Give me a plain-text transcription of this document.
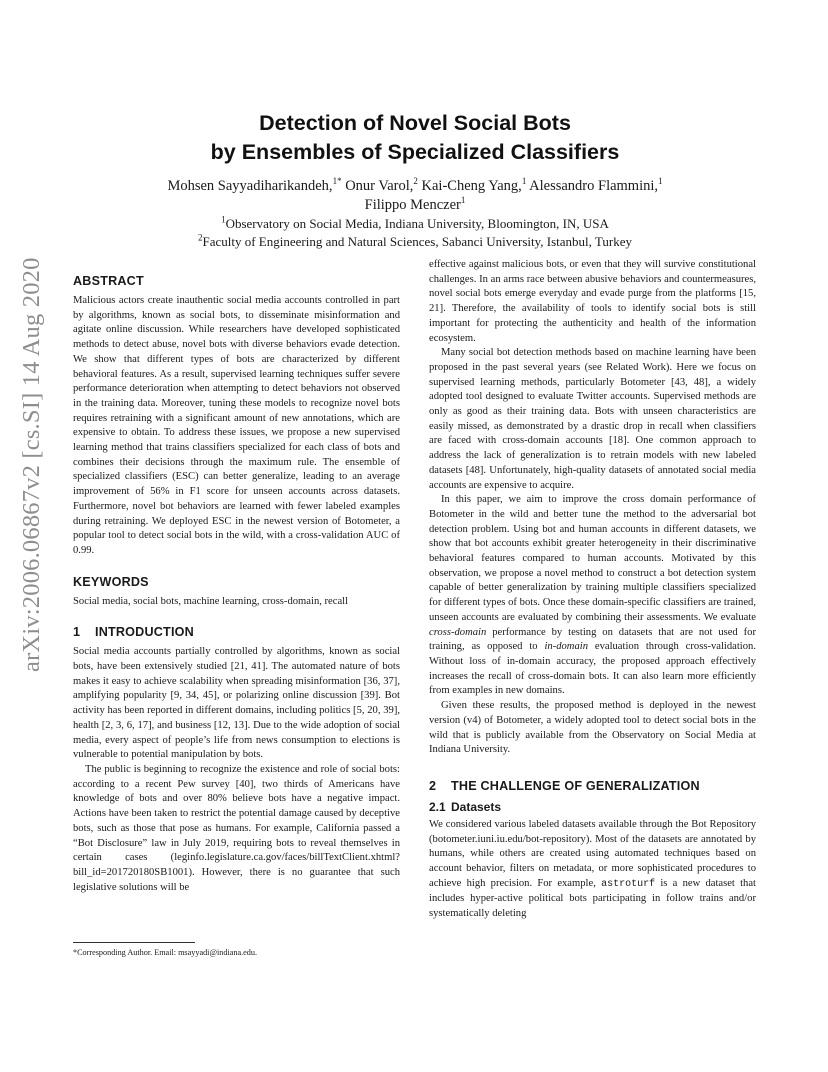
arXiv:2006.06867v2 [cs.SI] 14 Aug 2020
Detection of Novel Social Bots
by Ensembles of Specialized Classifiers
Mohsen Sayyadiharikandeh,$^{1*}$ Onur Varol,$^2$ Kai-Cheng Yang,$^1$ Alessandro Flammini,$^1$
Filippo Menczer$^1$
$^1$Observatory on Social Media, Indiana University, Bloomington, IN, USA
$^2$Faculty of Engineering and Natural Sciences, Sabanci University, Istanbul, Turkey
ABSTRACT

Malicious actors create inauthentic social media accounts controlled in part by algorithms, known as social bots, to disseminate misinformation and agitate online discussion. While researchers have developed sophisticated methods to detect abuse, novel bots with diverse behaviors evade detection. We show that different types of bots are characterized by different behavioral features. As a result, supervised learning techniques suffer severe performance deterioration when attempting to detect behaviors not observed in the training data. Moreover, tuning these models to recognize novel bots requires retraining with a significant amount of new annotations, which are expensive to obtain. To address these issues, we propose a new supervised learning method that trains classifiers specialized for each class of bots and combines their decisions through the maximum rule. The ensemble of specialized classifiers (ESC) can better generalize, leading to an average improvement of 56% in F1 score for unseen accounts across datasets. Furthermore, novel bot behaviors are learned with fewer labeled examples during retraining. We deployed ESC in the newest version of Botometer, a popular tool to detect social bots in the wild, with a cross-validation AUC of 0.99.

KEYWORDS

Social media, social bots, machine learning, cross-domain, recall

1 INTRODUCTION

Social media accounts partially controlled by algorithms, known as social bots, have been extensively studied [21, 41]. The automated nature of bots makes it easy to achieve scalability when spreading misinformation [36, 37], amplifying popularity [9, 34, 45], or polarizing online discussion [39]. Bot activity has been reported in different domains, including politics [5, 20, 39], health [2, 3, 6, 17], and business [12, 13]. Due to the wide adoption of social media, every aspect of people’s life from news consumption to elections is vulnerable to potential manipulation by bots.

The public is beginning to recognize the existence and role of social bots: according to a recent Pew survey [40], two thirds of Americans have knowledge of bots and over 80% believe bots have a negative impact. Actions have been taken to restrict the potential damage caused by deceptive bots, such as those that pose as humans. For example, California passed a “Bot Disclosure” law in July 2019, requiring bots to reveal themselves in certain cases (leginfo.legislature.ca.gov/faces/billTextClient.xhtml?bill_id=201720180SB1001). However, there is no guarantee that such legislative solutions will be

*Corresponding Author. Email: msayyadi@indiana.edu.

effective against malicious bots, or even that they will survive constitutional challenges. In an arms race between abusive behaviors and countermeasures, novel social bots emerge everyday and evade purge from the platforms [15, 21]. Therefore, the availability of tools to identify social bots is still important for protecting the authenticity and health of the information ecosystem.

Many social bot detection methods based on machine learning have been proposed in the past several years (see Related Work). Here we focus on supervised learning methods, particularly Botometer [43, 48], a widely adopted tool designed to evaluate Twitter accounts. Supervised methods are only as good as their training data. Bots with unseen characteristics are easily missed, as demonstrated by a drastic drop in recall when classifiers are faced with cross-domain accounts [18]. One common approach to address the lack of generalization is to retrain models with new labeled datasets [48]. Unfortunately, high-quality datasets of annotated social media accounts are expensive to acquire.

In this paper, we aim to improve the cross domain performance of Botometer in the wild and better tune the method to the adversarial bot detection problem. Using bot and human accounts in different datasets, we show that bot accounts exhibit greater heterogeneity in their discriminative behavioral features compared to human accounts. Motivated by this observation, we propose a novel method to construct a bot detection system capable of better generalization by training multiple classifiers specialized for different types of bots. Once these domain-specific classifiers are trained, unseen accounts are evaluated by combining their assessments. We evaluate cross-domain performance by testing on datasets that are not used for training, as opposed to in-domain evaluation through cross-validation. Without loss of in-domain accuracy, the proposed approach effectively increases the recall of cross-domain bots. It can also learn more efficiently from examples in new domains.

Given these results, the proposed method is deployed in the newest version (v4) of Botometer, a widely adopted tool to detect social bots in the wild that is publicly available from the Observatory on Social Media at Indiana University.

2 THE CHALLENGE OF GENERALIZATION
2.1 Datasets

We considered various labeled datasets available through the Bot Repository (botometer.iuni.iu.edu/bot-repository). Most of the datasets are annotated by humans, while others are created using automated techniques based on account behavior, filters on metadata, or more sophisticated procedures to achieve high precision. For example, astroturf is a new dataset that includes hyper-active political bots participating in follow trains and/or systematically deleting
